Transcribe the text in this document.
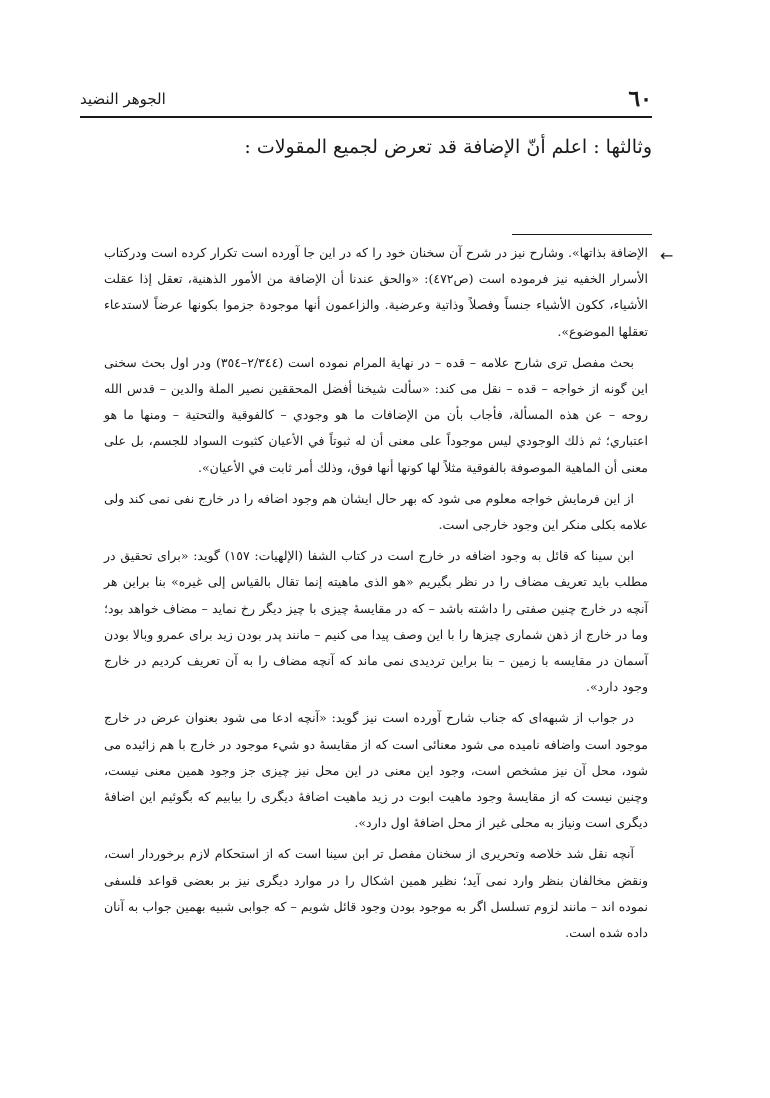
٦٠
الجوهر النضيد
وثالثها : اعلم أنّ الإضافة قد تعرض لجميع المقولات :
←

الإضافة بذاتها». وشارح نیز در شرح آن سخنان خود را كه در اين جا آورده است تكرار كرده است ودركتاب الأسرار الخفيه نیز فرموده است (ص٤٧٢): «والحق عندنا أن الإضافة من الأمور الذهنية، تعقل إذا عقلت الأشياء، ككون الأشياء جنساً وفصلاً وذاتية وعرضية. والزاعمون أنها موجودة جزموا بكونها عرضاً لاستدعاء تعقلها الموضوع».

بحث مفصل ترى شارح علامه – قده – در نهاية المرام نموده است (٢/٣٤٤–٣٥٤) ودر اول بحث سخنى اين گونه از خواجه – قده – نقل مى كند: «سألت شيخنا أفضل المحققين نصير الملة والدين – قدس الله روحه – عن هذه المسألة، فأجاب بأن من الإضافات ما هو وجودي – كالفوقية والتحتية – ومنها ما هو اعتباري؛ ثم ذلك الوجودي ليس موجوداً على معنى أن له ثبوتاً في الأعيان كثبوت السواد للجسم، بل على معنى أن الماهية الموصوفة بالفوقية مثلاً لها كونها أنها فوق، وذلك أمر ثابت في الأعيان».

از اين فرمايش خواجه معلوم مى شود كه بهر حال ايشان هم وجود اضافه را در خارج نفى نمى كند ولى علامه بكلى منكر اين وجود خارجى است.

ابن سينا كه قائل به وجود اضافه در خارج است در كتاب الشفا (الإلهيات: ١٥٧) گويد: «براى تحقيق در مطلب بايد تعريف مضاف را در نظر بگيريم «هو الذى ماهيته إنما تقال بالقياس إلى غيره» بنا براين هر آنچه در خارج چنين صفتى را داشته باشد – كه در مقايسهٔ چيزى با چيز ديگر رخ نمايد – مضاف خواهد بود؛ وما در خارج از ذهن شمارى چيزها را با اين وصف پيدا مى كنيم – مانند پدر بودن زيد براى عمرو وبالا بودن آسمان در مقايسه با زمين – بنا براين ترديدى نمى ماند كه آنچه مضاف را به آن تعريف كرديم در خارج وجود دارد».

در جواب از شبهه‌اى كه جناب شارح آورده است نيز گويد: «آنچه ادعا مى شود بعنوان عرض در خارج موجود است واضافه ناميده مى شود معنائى است كه از مقايسهٔ دو شيء موجود در خارج با هم زائيده مى شود، محل آن نيز مشخص است، وجود اين معنى در اين محل نيز چيزى جز وجود همين معنى نيست، وچنين نيست كه از مقايسهٔ وجود ماهيت ابوت در زيد ماهيت اضافهٔ ديگرى را بيابيم كه بگوئيم اين اضافهٔ ديگرى است ونياز به محلى غير از محل اضافهٔ اول دارد».

آنچه نقل شد خلاصه وتحريرى از سخنان مفصل تر ابن سينا است كه از استحكام لازم برخوردار است، ونقض مخالفان بنظر وارد نمى آيد؛ نظير همين اشكال را در موارد ديگرى نيز بر بعضى قواعد فلسفى نموده اند – مانند لزوم تسلسل اگر به موجود بودن وجود قائل شويم – كه جوابى شبيه بهمين جواب به آنان داده شده است.
